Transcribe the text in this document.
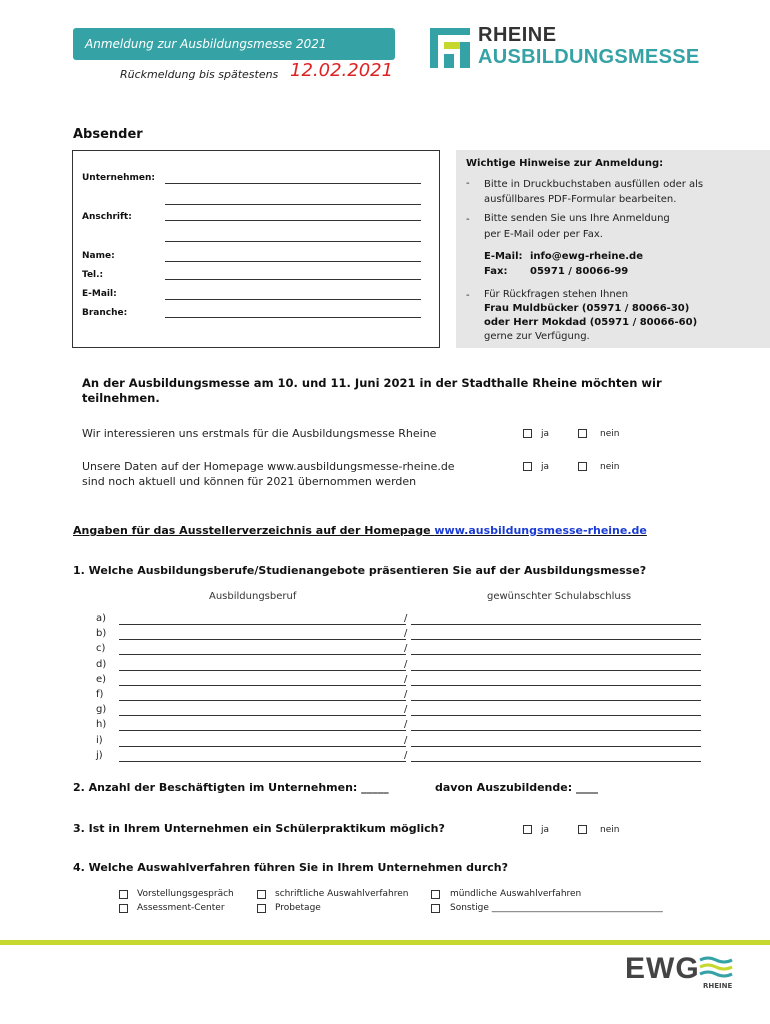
Anmeldung zur Ausbildungsmesse 2021
Rückmeldung bis spätestens 12.02.2021
RHEINE
AUSBILDUNGSMESSE
Absender
Unternehmen:
Anschrift:
Name:
Tel.:
E-Mail:
Branche:
Wichtige Hinweise zur Anmeldung:
- Bitte in Druckbuchstaben ausfüllen oder als ausfüllbares PDF-Formular bearbeiten.
- Bitte senden Sie uns Ihre Anmeldung
per E-Mail oder per Fax.
E-Mail: info@ewg-rheine.de
Fax: 05971 / 80066-99
- Für Rückfragen stehen Ihnen
Frau Muldbücker (05971 / 80066-30)
oder Herr Mokdad (05971 / 80066-60)
gerne zur Verfügung.
An der Ausbildungsmesse am 10. und 11. Juni 2021 in der Stadthalle Rheine möchten wir teilnehmen.
Wir interessieren uns erstmals für die Ausbildungsmesse Rheine	ja	nein
Unsere Daten auf der Homepage www.ausbildungsmesse-rheine.de
sind noch aktuell und können für 2021 übernommen werden
ja	nein
Angaben für das Ausstellerverzeichnis auf der Homepage www.ausbildungsmesse-rheine.de
1. Welche Ausbildungsberufe/Studienangebote präsentieren Sie auf der Ausbildungsmesse?
Ausbildungsberuf	gewünschter Schulabschluss
a)	/
b)	/
c)	/
d)	/
e)	/
f)	/
g)	/
h)	/
i)	/
j)	/
2. Anzahl der Beschäftigten im Unternehmen: _____	davon Auszubildende: ____
3. Ist in Ihrem Unternehmen ein Schülerpraktikum möglich?	ja	nein
4. Welche Auswahlverfahren führen Sie in Ihrem Unternehmen durch?
Vorstellungsgespräch
Assessment-Center
schriftliche Auswahlverfahren
Probetage
mündliche Auswahlverfahren
Sonstige ______________________________________
EWG
RHEINE
